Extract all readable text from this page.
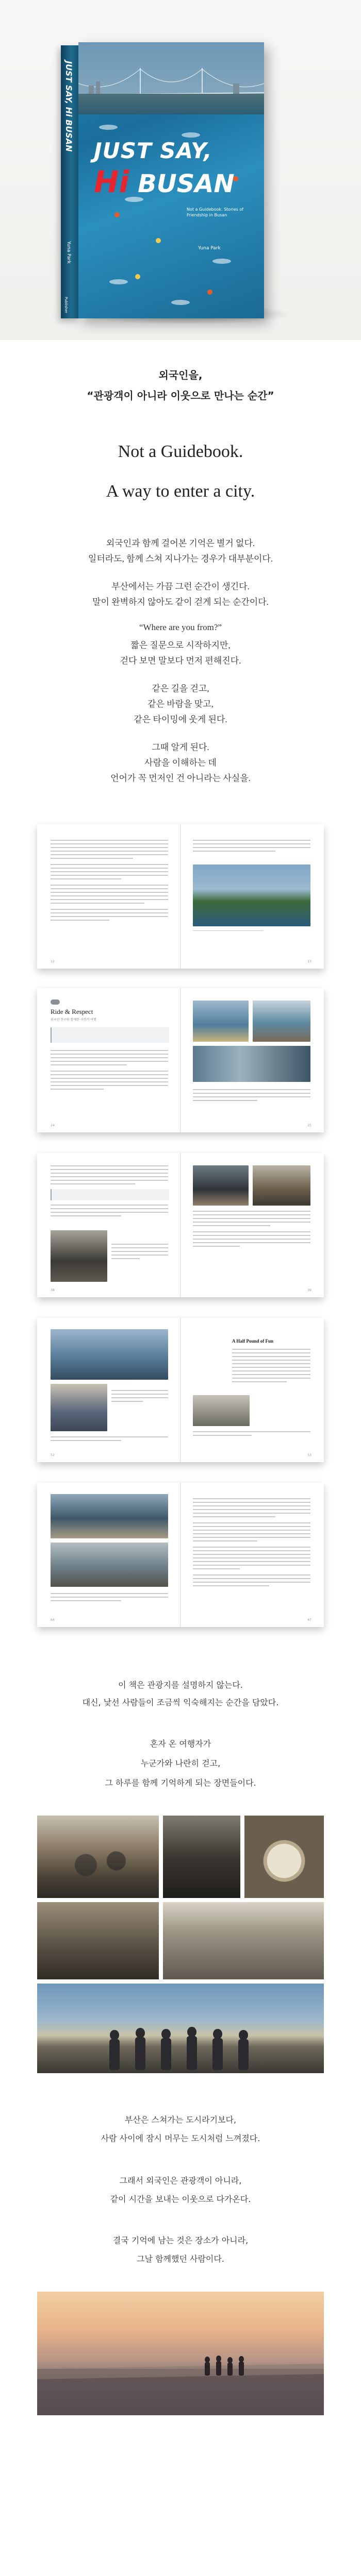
JUST SAY, Hi BUSAN
Yuna Park
Publisher
JUST SAY,
Hi BUSAN
Not a Guidebook. Stories of Friendship in Busan
Yuna Park
외국인을,
“관광객이 아니라 이웃으로 만나는 순간”
Not a Guidebook.
A way to enter a city.
외국인과 함께 걸어본 기억은 별거 없다.
일터라도, 함께 스쳐 지나가는 경우가 대부분이다.
부산에서는 가끔 그런 순간이 생긴다.
말이 완벽하지 않아도 같이 걷게 되는 순간이다.
“Where are you from?”
짧은 질문으로 시작하지만,
걷다 보면 말보다 먼저 편해진다.
같은 길을 걷고,
같은 바람을 맞고,
같은 타이밍에 웃게 된다.
그때 알게 된다.
사람을 이해하는 데
언어가 꼭 먼저인 건 아니라는 사실을.
12	13
Ride & Respect
외국인 친구와 함께한 자전거 여행
24	25
38	39
52
A Half Pound of Fun
53
66	67
이 책은 관광지를 설명하지 않는다.
대신, 낯선 사람들이 조금씩 익숙해지는 순간을 담았다.
혼자 온 여행자가
누군가와 나란히 걷고,
그 하루를 함께 기억하게 되는 장면들이다.
부산은 스쳐가는 도시라기보다,
사람 사이에 잠시 머무는 도시처럼 느껴졌다.
그래서 외국인은 관광객이 아니라,
같이 시간을 보내는 이웃으로 다가온다.
결국 기억에 남는 것은 장소가 아니라,
그날 함께했던 사람이다.
